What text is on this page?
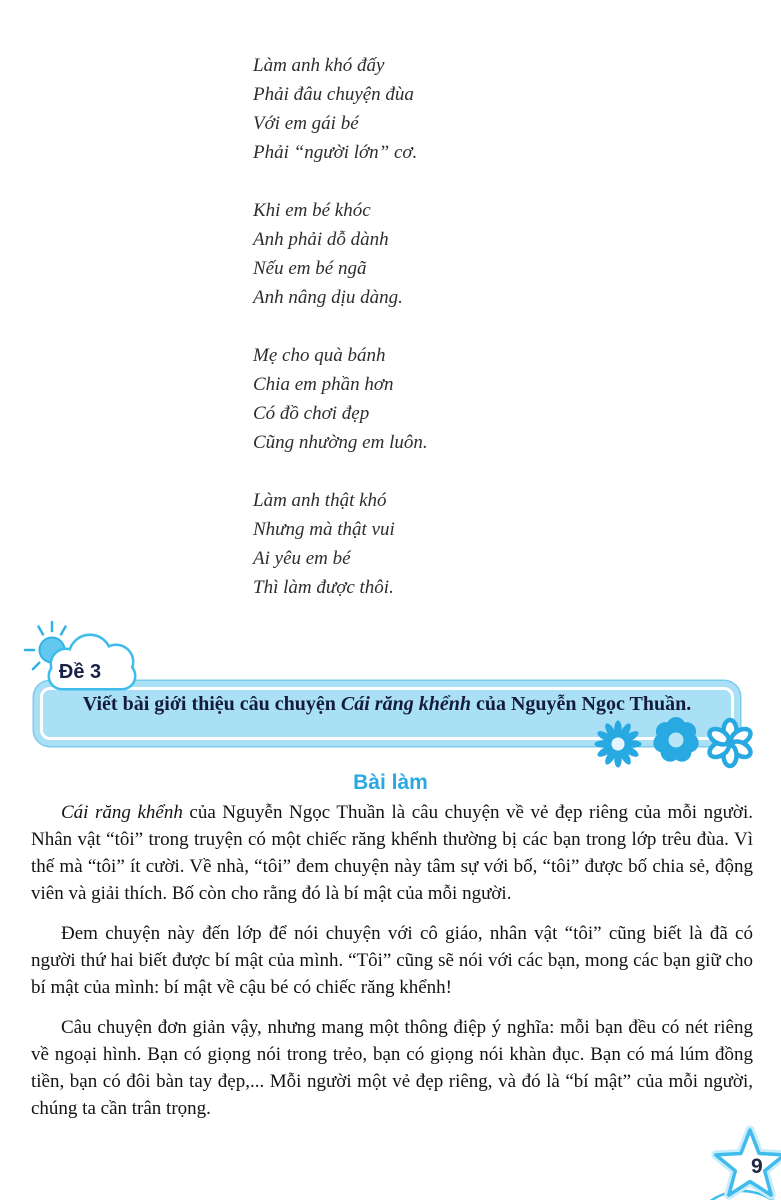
Làm anh khó đấy
Phải đâu chuyện đùa
Với em gái bé
Phải “người lớn” cơ.
Khi em bé khóc
Anh phải dỗ dành
Nếu em bé ngã
Anh nâng dịu dàng.
Mẹ cho quà bánh
Chia em phần hơn
Có đồ chơi đẹp
Cũng nhường em luôn.
Làm anh thật khó
Nhưng mà thật vui
Ai yêu em bé
Thì làm được thôi.
Viết bài giới thiệu câu chuyện Cái răng khểnh của Nguyễn Ngọc Thuần.
Đề 3
Bài làm

Cái răng khểnh của Nguyễn Ngọc Thuần là câu chuyện về vẻ đẹp riêng của mỗi người. Nhân vật “tôi” trong truyện có một chiếc răng khểnh thường bị các bạn trong lớp trêu đùa. Vì thế mà “tôi” ít cười. Về nhà, “tôi” đem chuyện này tâm sự với bố, “tôi” được bố chia sẻ, động viên và giải thích. Bố còn cho rằng đó là bí mật của mỗi người.

Đem chuyện này đến lớp để nói chuyện với cô giáo, nhân vật “tôi” cũng biết là đã có người thứ hai biết được bí mật của mình. “Tôi” cũng sẽ nói với các bạn, mong các bạn giữ cho bí mật của mình: bí mật về cậu bé có chiếc răng khểnh!

Câu chuyện đơn giản vậy, nhưng mang một thông điệp ý nghĩa: mỗi bạn đều có nét riêng về ngoại hình. Bạn có giọng nói trong trẻo, bạn có giọng nói khàn đục. Bạn có má lúm đồng tiền, bạn có đôi bàn tay đẹp,... Mỗi người một vẻ đẹp riêng, và đó là “bí mật” của mỗi người, chúng ta cần trân trọng.

9
